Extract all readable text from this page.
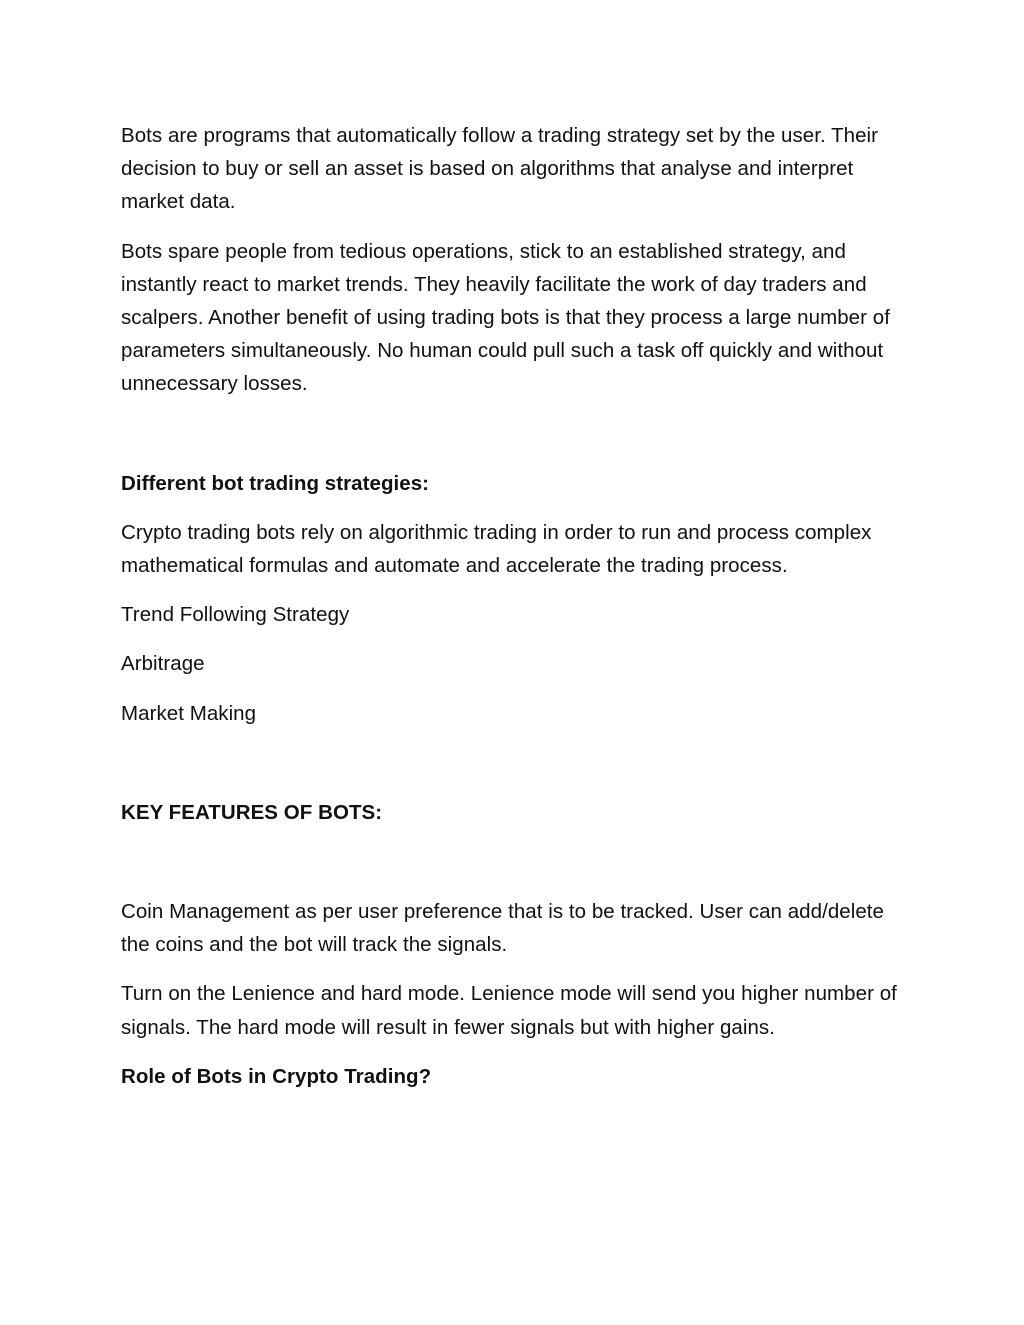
Bots are programs that automatically follow a trading strategy set by the user. Their decision to buy or sell an asset is based on algorithms that analyse and interpret market data.

Bots spare people from tedious operations, stick to an established strategy, and instantly react to market trends. They heavily facilitate the work of day traders and scalpers. Another benefit of using trading bots is that they process a large number of parameters simultaneously. No human could pull such a task off quickly and without unnecessary losses.

Different bot trading strategies:

Crypto trading bots rely on algorithmic trading in order to run and process complex mathematical formulas and automate and accelerate the trading process.

Trend Following Strategy

Arbitrage

Market Making

KEY FEATURES OF BOTS:

Coin Management as per user preference that is to be tracked. User can add/delete the coins and the bot will track the signals.

Turn on the Lenience and hard mode. Lenience mode will send you higher number of signals. The hard mode will result in fewer signals but with higher gains.

Role of Bots in Crypto Trading?
